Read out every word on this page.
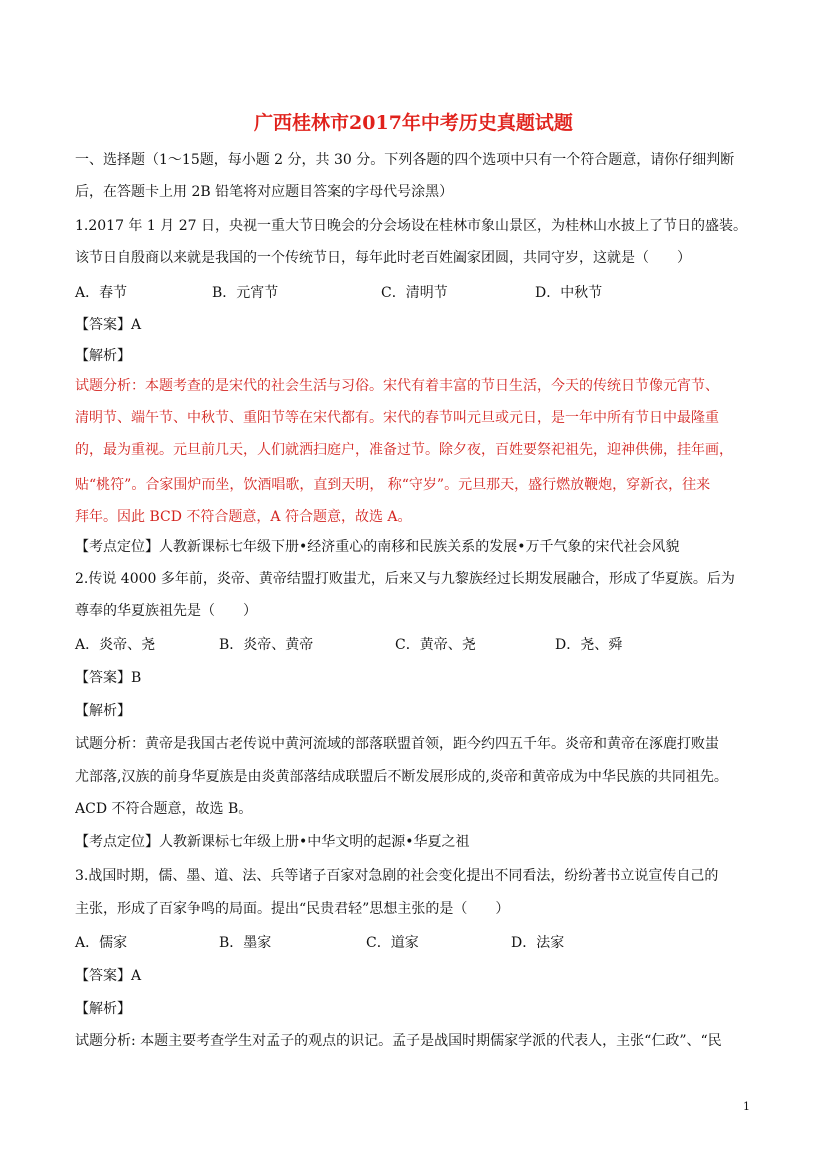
广西桂林市2017年中考历史真题试题
一、选择题（1～15题，每小题 2 分，共 30 分。下列各题的四个选项中只有一个符合题意，请你仔细判断
后，在答题卡上用 2B 铅笔将对应题目答案的字母代号涂黑）
1.2017 年 1 月 27 日，央视一重大节日晚会的分会场设在桂林市象山景区，为桂林山水披上了节日的盛装。
该节日自殷商以来就是我国的一个传统节日，每年此时老百姓阖家团圆，共同守岁，这就是（　　）
A．春节	B．元宵节	C．清明节	D．中秋节
【答案】A
【解析】
试题分析：本题考查的是宋代的社会生活与习俗。宋代有着丰富的节日生活，今天的传统日节像元宵节、
清明节、端午节、中秋节、重阳节等在宋代都有。宋代的春节叫元旦或元日，是一年中所有节日中最隆重
的，最为重视。元旦前几天，人们就洒扫庭户，准备过节。除夕夜，百姓要祭祀祖先，迎神供佛，挂年画，
贴“桃符”。合家围炉而坐，饮酒唱歌，直到天明， 称“守岁”。元旦那天，盛行燃放鞭炮，穿新衣，往来
拜年。因此 BCD 不符合题意，A 符合题意，故选 A。
【考点定位】人教新课标七年级下册•经济重心的南移和民族关系的发展•万千气象的宋代社会风貌
2.传说 4000 多年前，炎帝、黄帝结盟打败蚩尤，后来又与九黎族经过长期发展融合，形成了华夏族。后为
尊奉的华夏族祖先是（　　）
A．炎帝、尧	B．炎帝、黄帝	C．黄帝、尧	D．尧、舜
【答案】B
【解析】
试题分析：黄帝是我国古老传说中黄河流域的部落联盟首领，距今约四五千年。炎帝和黄帝在涿鹿打败蚩
尤部落,汉族的前身华夏族是由炎黄部落结成联盟后不断发展形成的,炎帝和黄帝成为中华民族的共同祖先。
ACD 不符合题意，故选 B。
【考点定位】人教新课标七年级上册•中华文明的起源•华夏之祖
3.战国时期，儒、墨、道、法、兵等诸子百家对急剧的社会变化提出不同看法，纷纷著书立说宣传自己的
主张，形成了百家争鸣的局面。提出“民贵君轻”思想主张的是（　　）
A．儒家	B．墨家	C．道家	D．法家
【答案】A
【解析】
试题分析: 本题主要考查学生对孟子的观点的识记。孟子是战国时期儒家学派的代表人，主张“仁政”、“民
1
